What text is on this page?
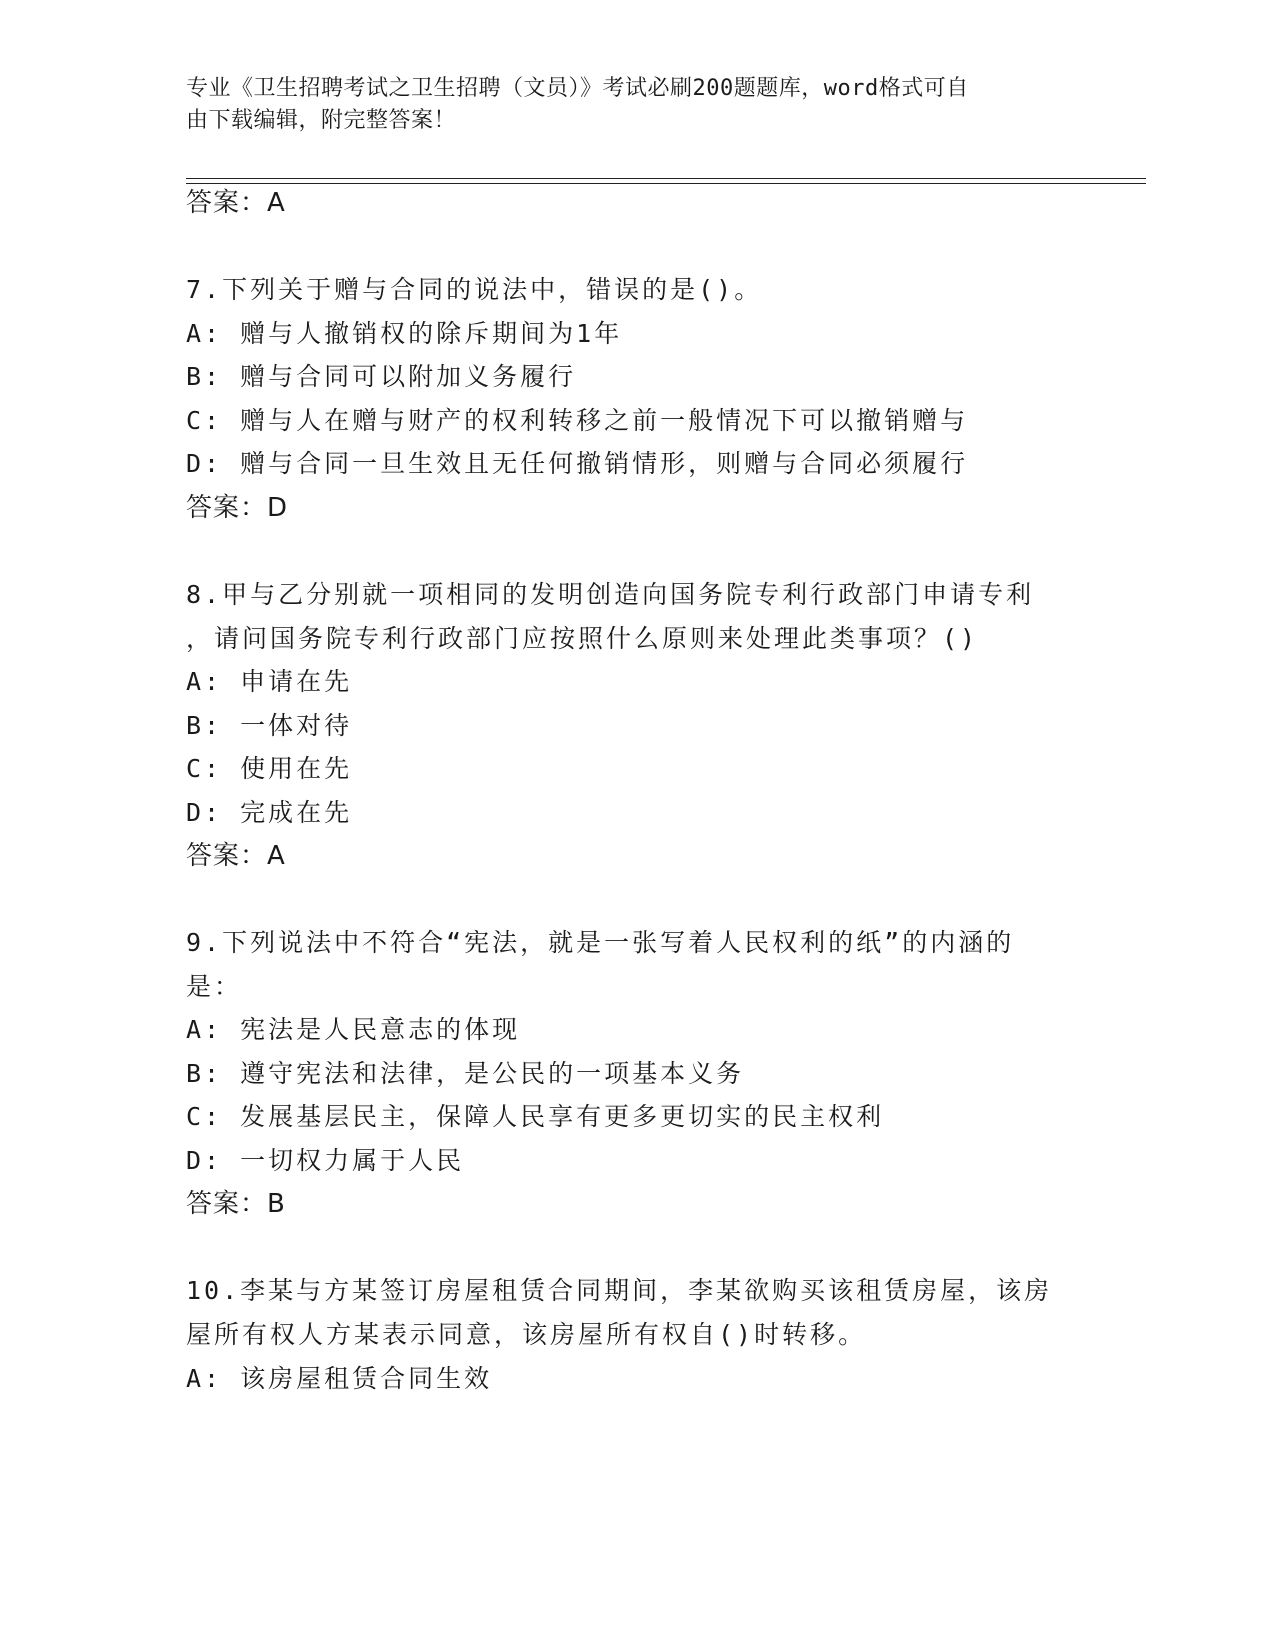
专业《卫生招聘考试之卫生招聘（文员）》考试必刷200题题库，word格式可自
由下载编辑，附完整答案！
答案：A
7.下列关于赠与合同的说法中，错误的是()。
A: 赠与人撤销权的除斥期间为1年
B: 赠与合同可以附加义务履行
C: 赠与人在赠与财产的权利转移之前一般情况下可以撤销赠与
D: 赠与合同一旦生效且无任何撤销情形，则赠与合同必须履行
答案：D
8.甲与乙分别就一项相同的发明创造向国务院专利行政部门申请专利
，请问国务院专利行政部门应按照什么原则来处理此类事项？()
A: 申请在先
B: 一体对待
C: 使用在先
D: 完成在先
答案：A
9.下列说法中不符合“宪法，就是一张写着人民权利的纸”的内涵的
是：
A: 宪法是人民意志的体现
B: 遵守宪法和法律，是公民的一项基本义务
C: 发展基层民主，保障人民享有更多更切实的民主权利
D: 一切权力属于人民
答案：B
10.李某与方某签订房屋租赁合同期间，李某欲购买该租赁房屋，该房
屋所有权人方某表示同意，该房屋所有权自()时转移。
A: 该房屋租赁合同生效
